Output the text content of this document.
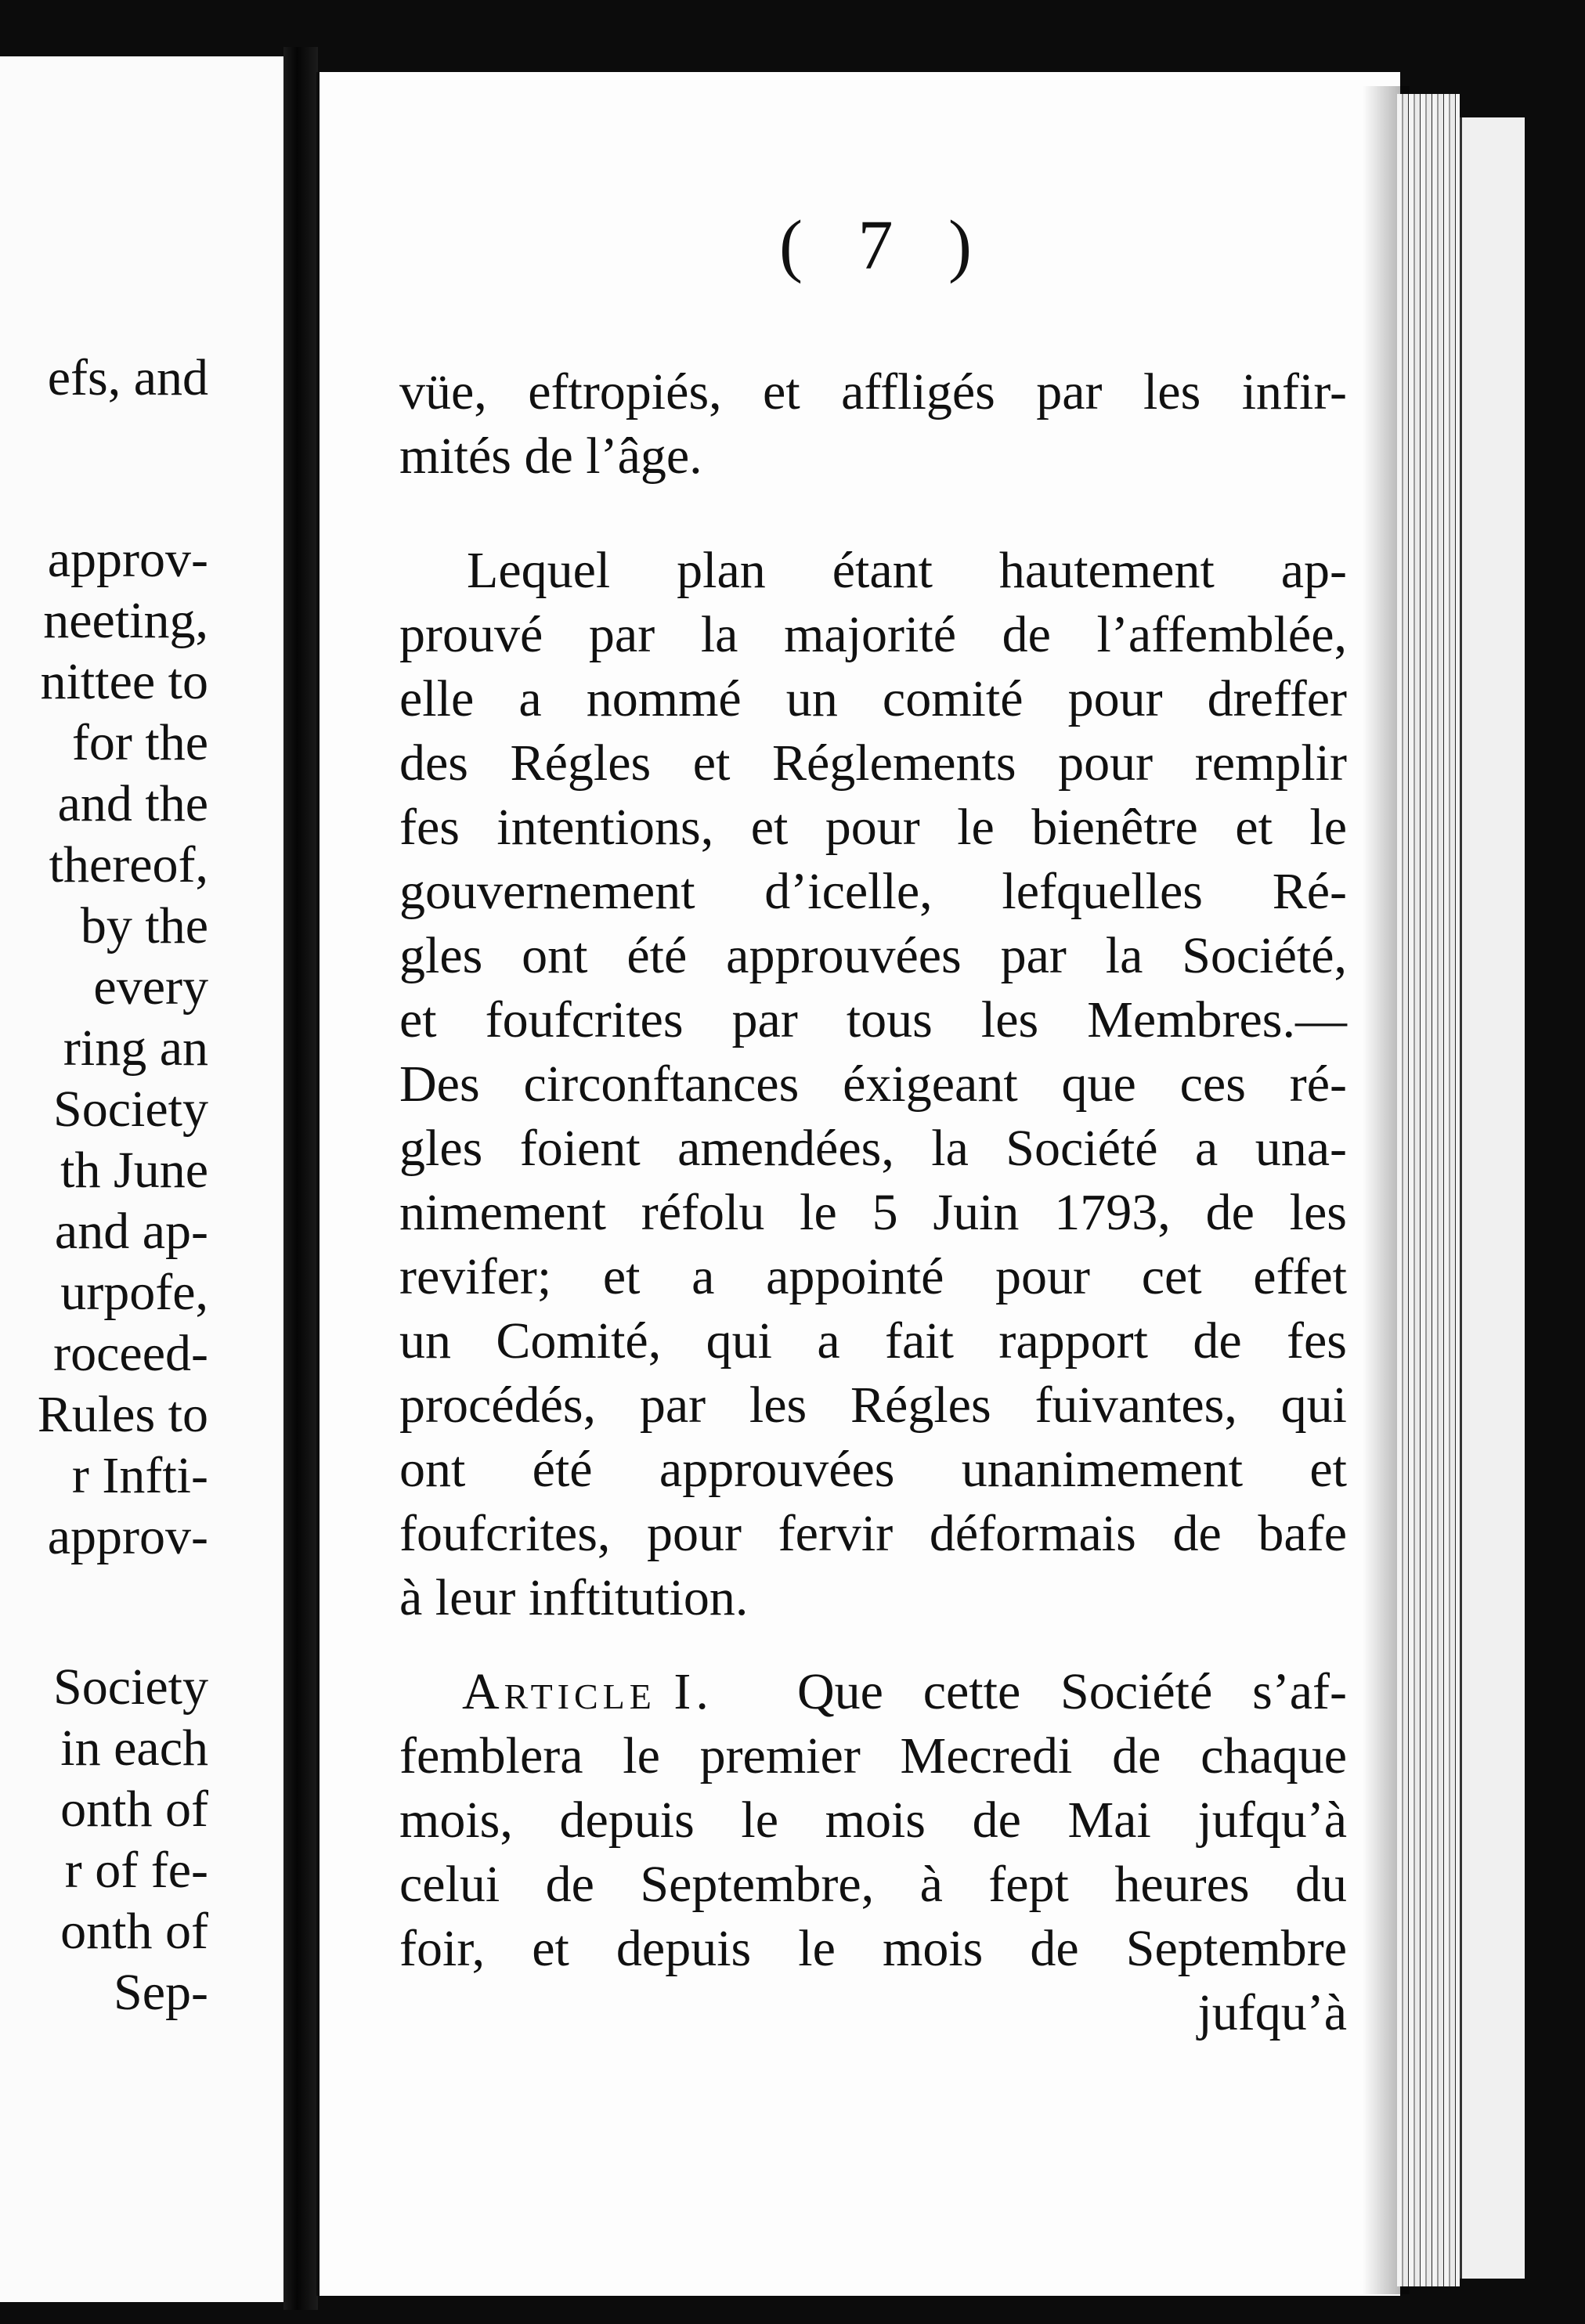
efs, and
approv-
neeting,
nittee to
for the
and the
thereof,
by the
every
ring an
Society
th June
and ap-
urpofe,
roceed-
Rules to
r Infti-
approv-
Society
in each
onth of
r of fe-
onth of
Sep-
( 7 )
vüe, eftropiés, et affligés par les infir-
mités de l’âge.
Lequel plan étant hautement ap-
prouvé par la majorité de l’affemblée,
elle a nommé un comité pour dreffer
des Régles et Réglements pour remplir
fes intentions, et pour le bienêtre et le
gouvernement d’icelle, lefquelles Ré-
gles ont été approuvées par la Société,
et foufcrites par tous les Membres.—
Des circonftances éxigeant que ces ré-
gles foient amendées, la Société a una-
nimement réfolu le 5 Juin 1793, de les
revifer; et a appointé pour cet effet
un Comité, qui a fait rapport de fes
procédés, par les Régles fuivantes, qui
ont été approuvées unanimement et
foufcrites, pour fervir déformais de bafe
à leur inftitution.
Article I.	Que cette Société s’af-
femblera le premier Mecredi de chaque
mois, depuis le mois de Mai jufqu’à
celui de Septembre, à fept heures du
foir, et depuis le mois de Septembre
jufqu’à
